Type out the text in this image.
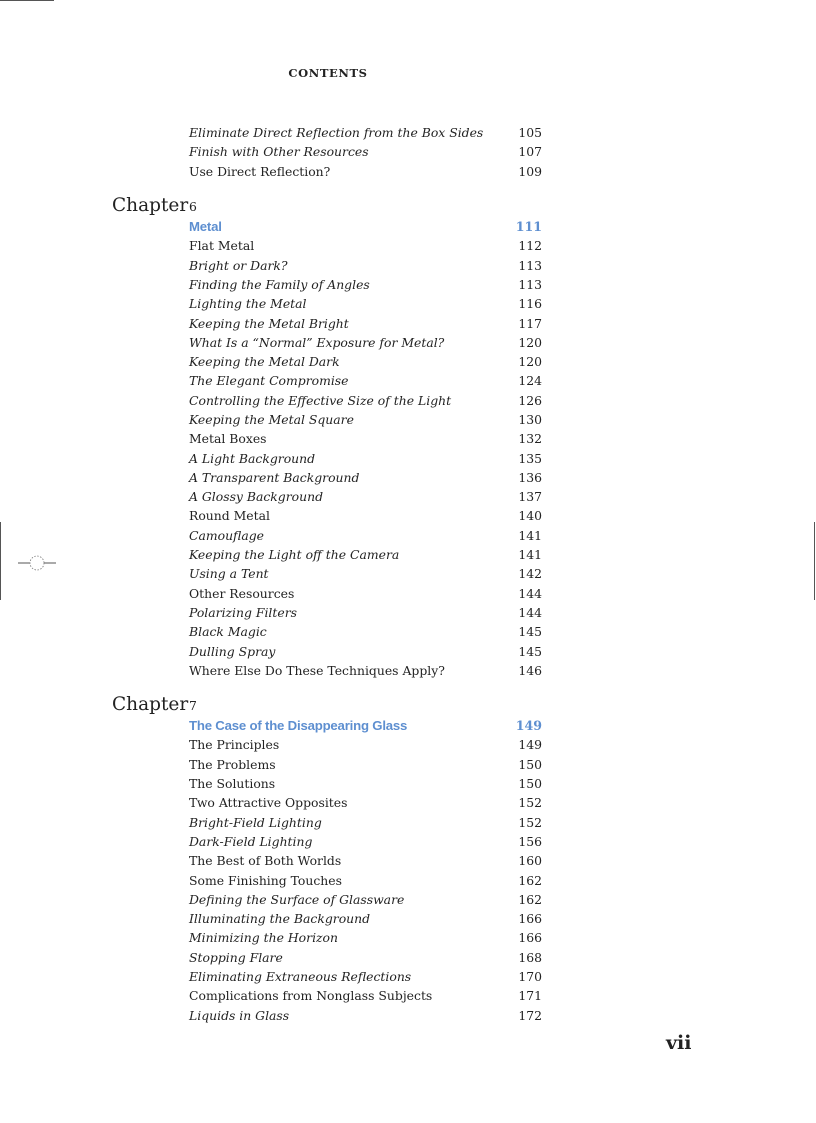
CONTENTS
Eliminate Direct Reflection from the Box Sides	105
Finish with Other Resources	107
Use Direct Reflection?	109
Chapter 6
Metal	111
Flat Metal	112
Bright or Dark?	113
Finding the Family of Angles	113
Lighting the Metal	116
Keeping the Metal Bright	117
What Is a “Normal” Exposure for Metal?	120
Keeping the Metal Dark	120
The Elegant Compromise	124
Controlling the Effective Size of the Light	126
Keeping the Metal Square	130
Metal Boxes	132
A Light Background	135
A Transparent Background	136
A Glossy Background	137
Round Metal	140
Camouflage	141
Keeping the Light off the Camera	141
Using a Tent	142
Other Resources	144
Polarizing Filters	144
Black Magic	145
Dulling Spray	145
Where Else Do These Techniques Apply?	146
Chapter 7
The Case of the Disappearing Glass	149
The Principles	149
The Problems	150
The Solutions	150
Two Attractive Opposites	152
Bright-Field Lighting	152
Dark-Field Lighting	156
The Best of Both Worlds	160
Some Finishing Touches	162
Defining the Surface of Glassware	162
Illuminating the Background	166
Minimizing the Horizon	166
Stopping Flare	168
Eliminating Extraneous Reflections	170
Complications from Nonglass Subjects	171
Liquids in Glass	172
vii
